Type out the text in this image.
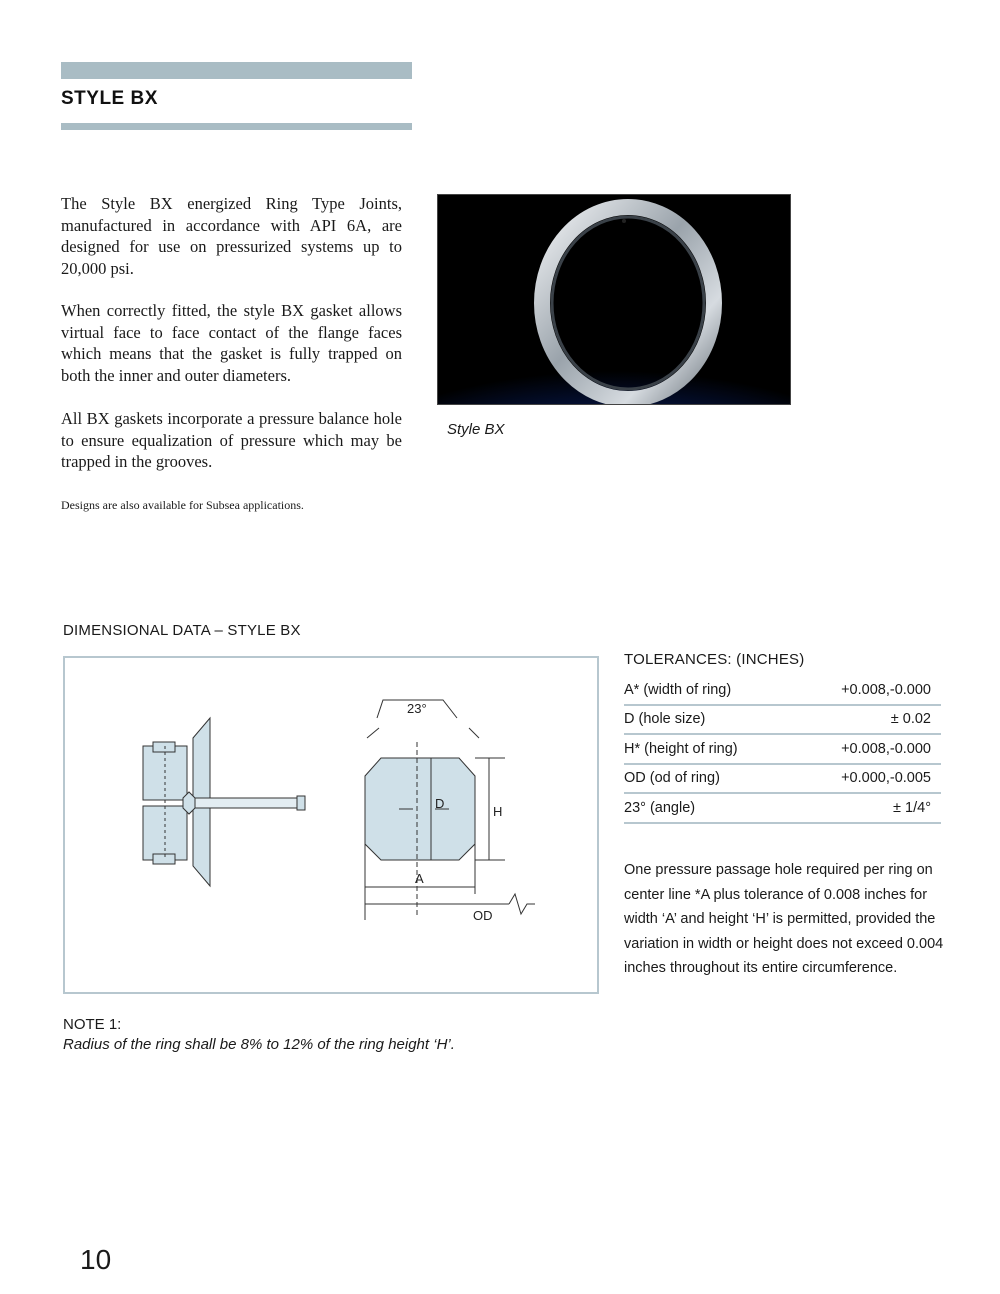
STYLE BX
The Style BX energized Ring Type Joints, manufactured in accordance with API 6A, are designed for use on pressurized systems up to 20,000 psi.
When correctly fitted, the style BX gasket allows virtual face to face contact of the flange faces which means that the gasket is fully trapped on both the inner and outer diameters.
All BX gaskets incorporate a pressure balance hole to ensure equalization of pressure which may be trapped in the grooves.
Designs are also available for Subsea applications.
Style BX
DIMENSIONAL DATA – STYLE BX
23°
D
H
A
OD
TOLERANCES: (INCHES)
A* (width of ring)	+0.008,-0.000
D (hole size)	± 0.02
H* (height of ring)	+0.008,-0.000
OD (od of ring)	+0.000,-0.005
23° (angle)	± 1/4°
One pressure passage hole required per ring on center line *A plus tolerance of 0.008 inches for width ‘A’ and height ‘H’ is permitted, provided the variation in width or height does not exceed 0.004 inches throughout its entire circumference.
NOTE 1:
Radius of the ring shall be 8% to 12% of the ring height ‘H’.
10
